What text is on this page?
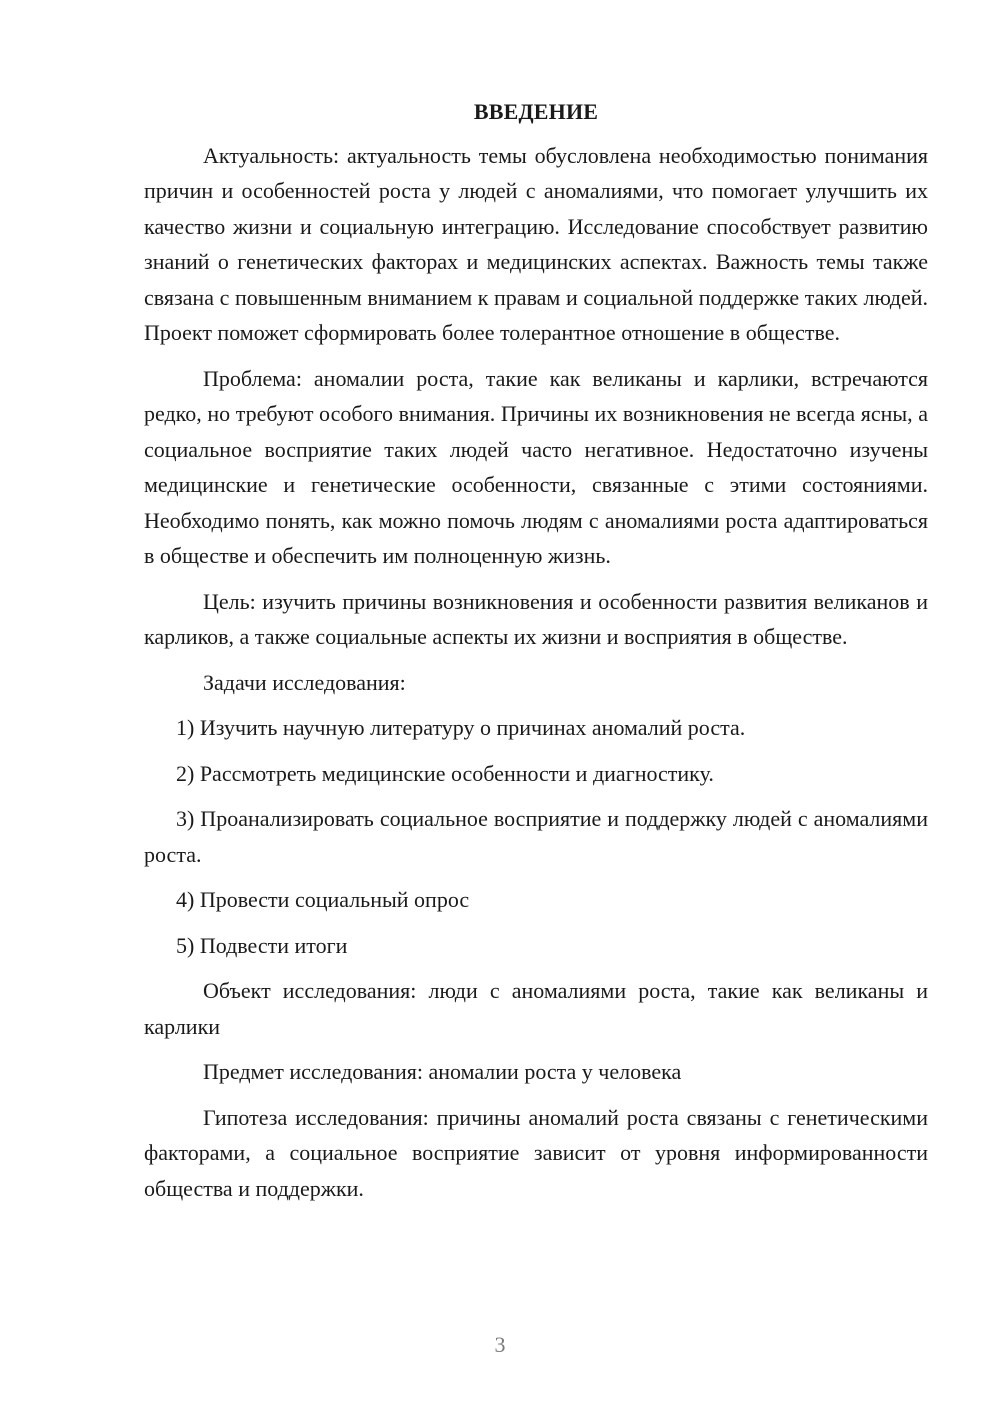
ВВЕДЕНИЕ

Актуальность: актуальность темы обусловлена необходимостью понимания причин и особенностей роста у людей с аномалиями, что помогает улучшить их качество жизни и социальную интеграцию. Исследование способствует развитию знаний о генетических факторах и медицинских аспектах. Важность темы также связана с повышенным вниманием к правам и социальной поддержке таких людей. Проект поможет сформировать более толерантное отношение в обществе.

Проблема: аномалии роста, такие как великаны и карлики, встречаются редко, но требуют особого внимания. Причины их возникновения не всегда ясны, а социальное восприятие таких людей часто негативное. Недостаточно изучены медицинские и генетические особенности, связанные с этими состояниями. Необходимо понять, как можно помочь людям с аномалиями роста адаптироваться в обществе и обеспечить им полноценную жизнь.

Цель: изучить причины возникновения и особенности развития великанов и карликов, а также социальные аспекты их жизни и восприятия в обществе.

Задачи исследования:

1) Изучить научную литературу о причинах аномалий роста.

2) Рассмотреть медицинские особенности и диагностику.

3) Проанализировать социальное восприятие и поддержку людей с аномалиями роста.

4) Провести социальный опрос

5) Подвести итоги

Объект исследования: люди с аномалиями роста, такие как великаны и карлики

Предмет исследования: аномалии роста у человека

Гипотеза исследования: причины аномалий роста связаны с генетическими факторами, а социальное восприятие зависит от уровня информированности общества и поддержки.

3
